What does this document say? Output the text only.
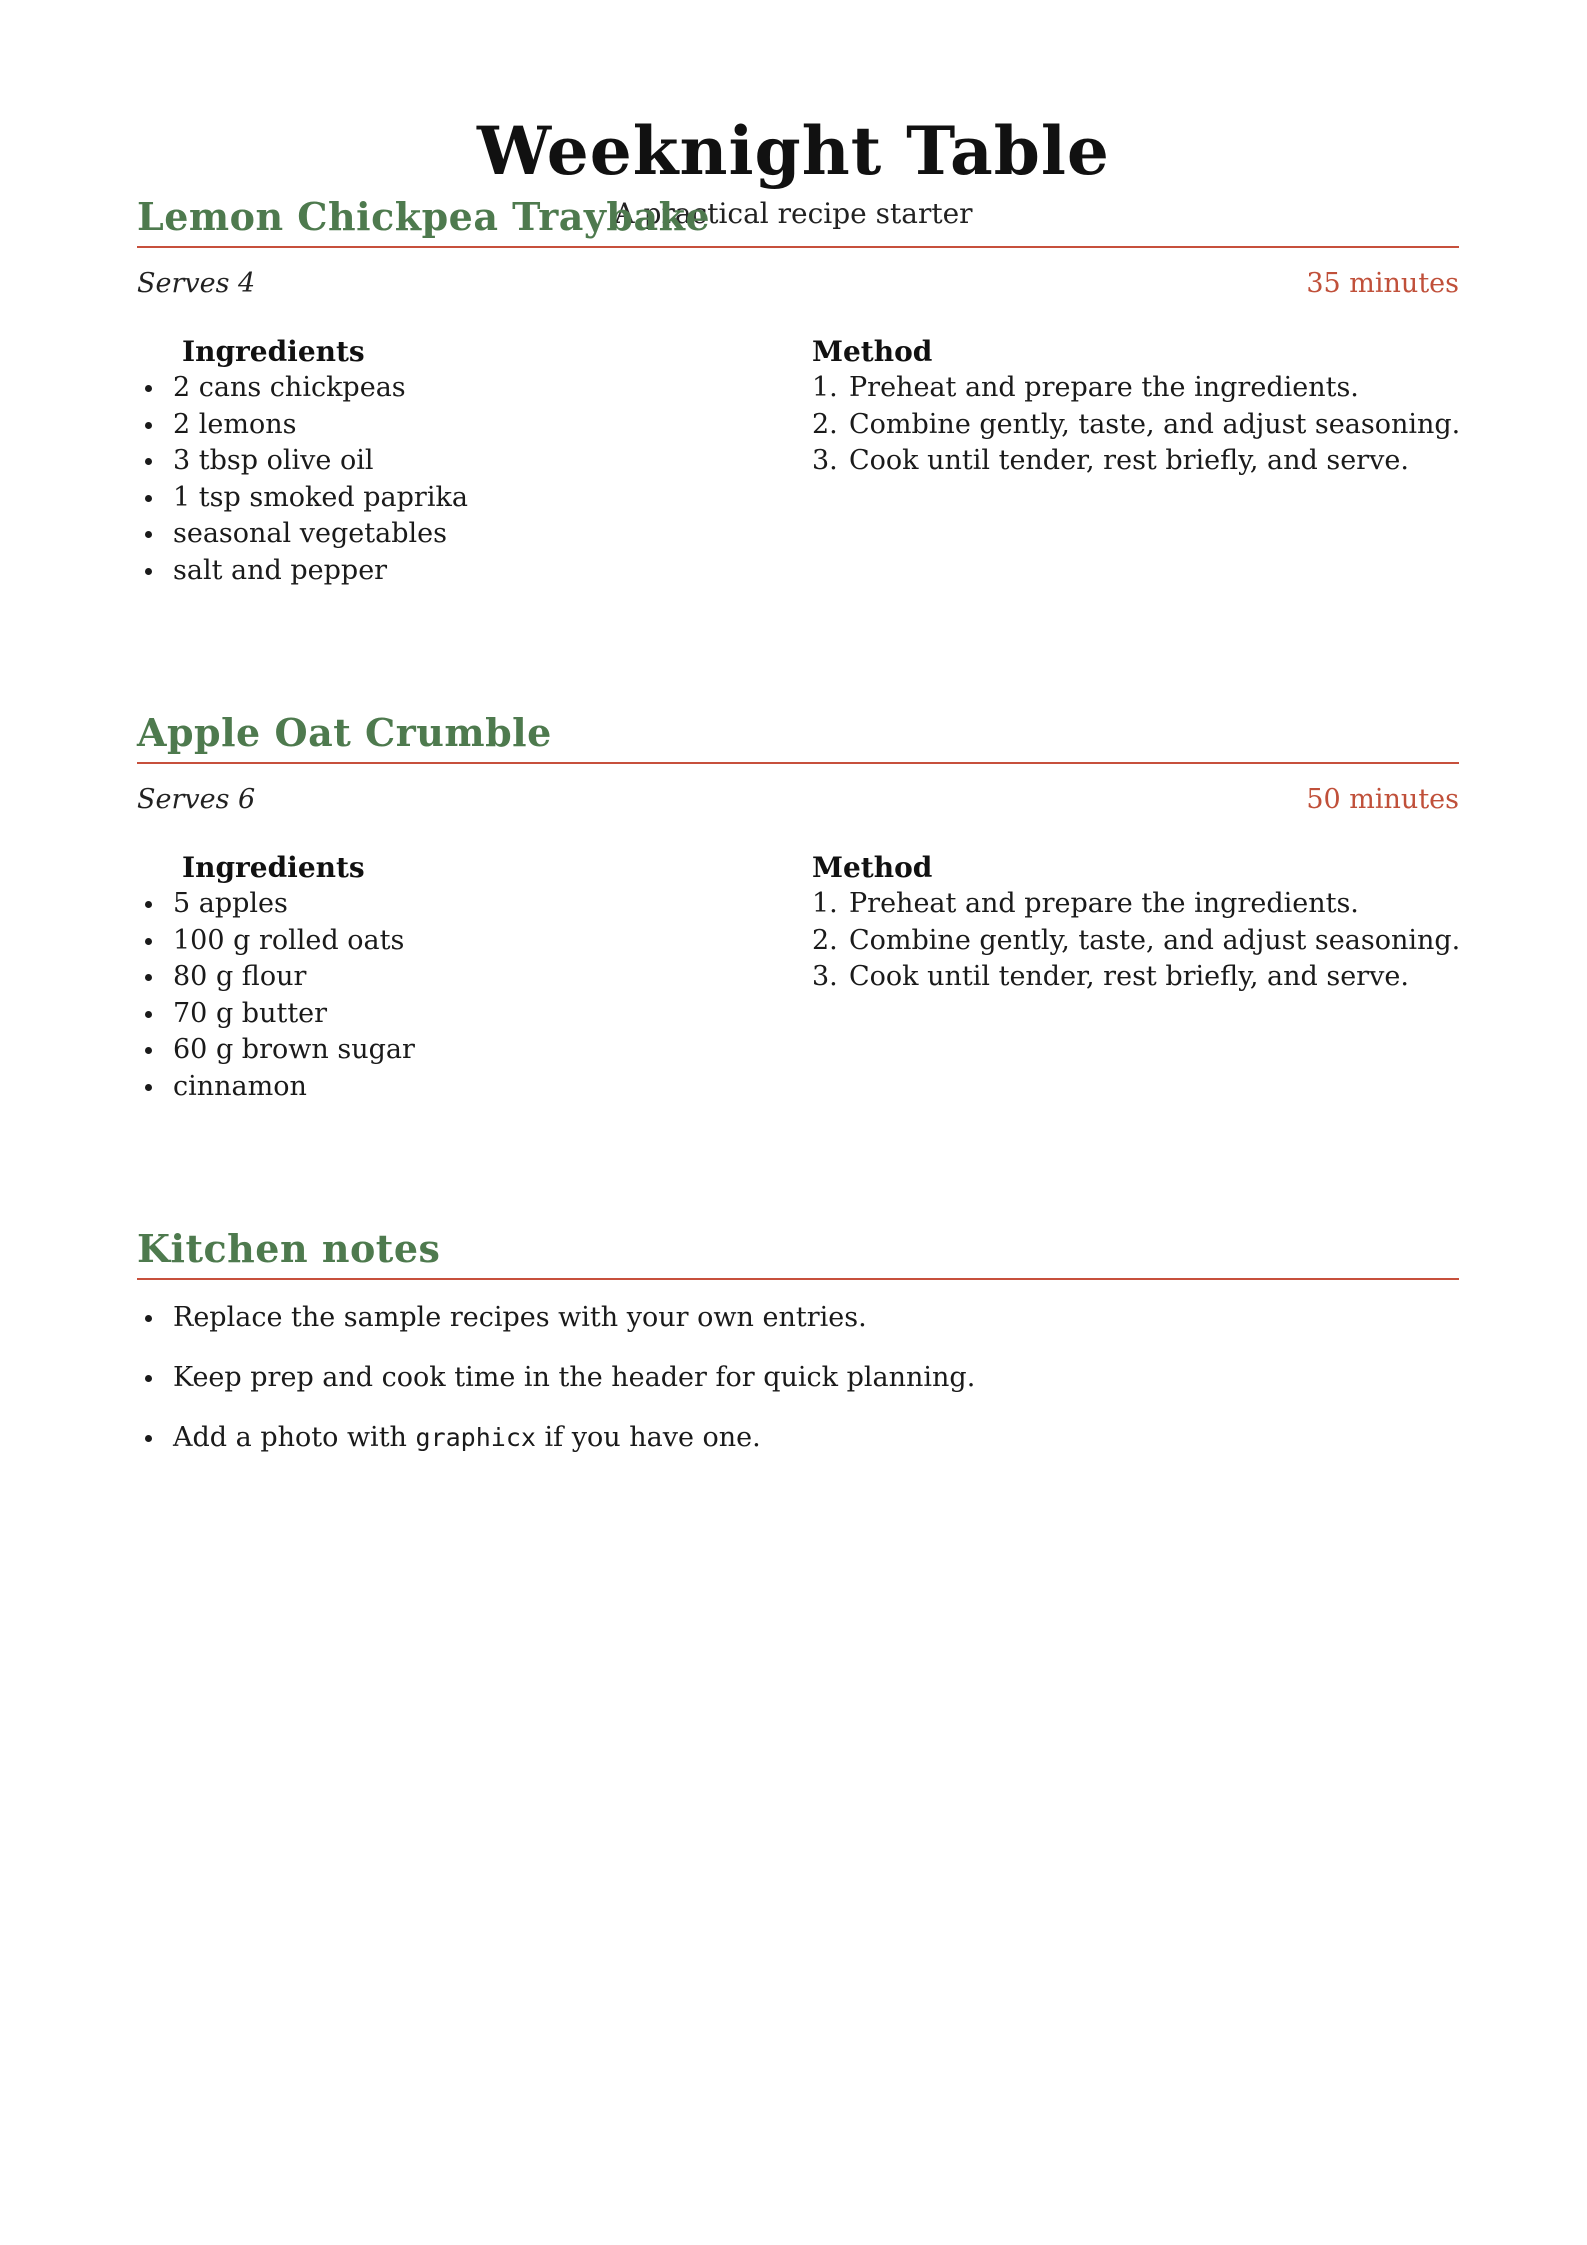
Weeknight Table
A practical recipe starter
Lemon Chickpea Traybake
Serves 4	35 minutes
Ingredients
2 cans chickpeas
2 lemons
3 tbsp olive oil
1 tsp smoked paprika
seasonal vegetables
salt and pepper
Method
1. Preheat and prepare the ingredients.
2. Combine gently, taste, and adjust seasoning.
3. Cook until tender, rest briefly, and serve.
Apple Oat Crumble
Serves 6	50 minutes
Ingredients
5 apples
100 g rolled oats
80 g flour
70 g butter
60 g brown sugar
cinnamon
Method
1. Preheat and prepare the ingredients.
2. Combine gently, taste, and adjust seasoning.
3. Cook until tender, rest briefly, and serve.
Kitchen notes
Replace the sample recipes with your own entries.
Keep prep and cook time in the header for quick planning.
Add a photo with graphicx if you have one.
